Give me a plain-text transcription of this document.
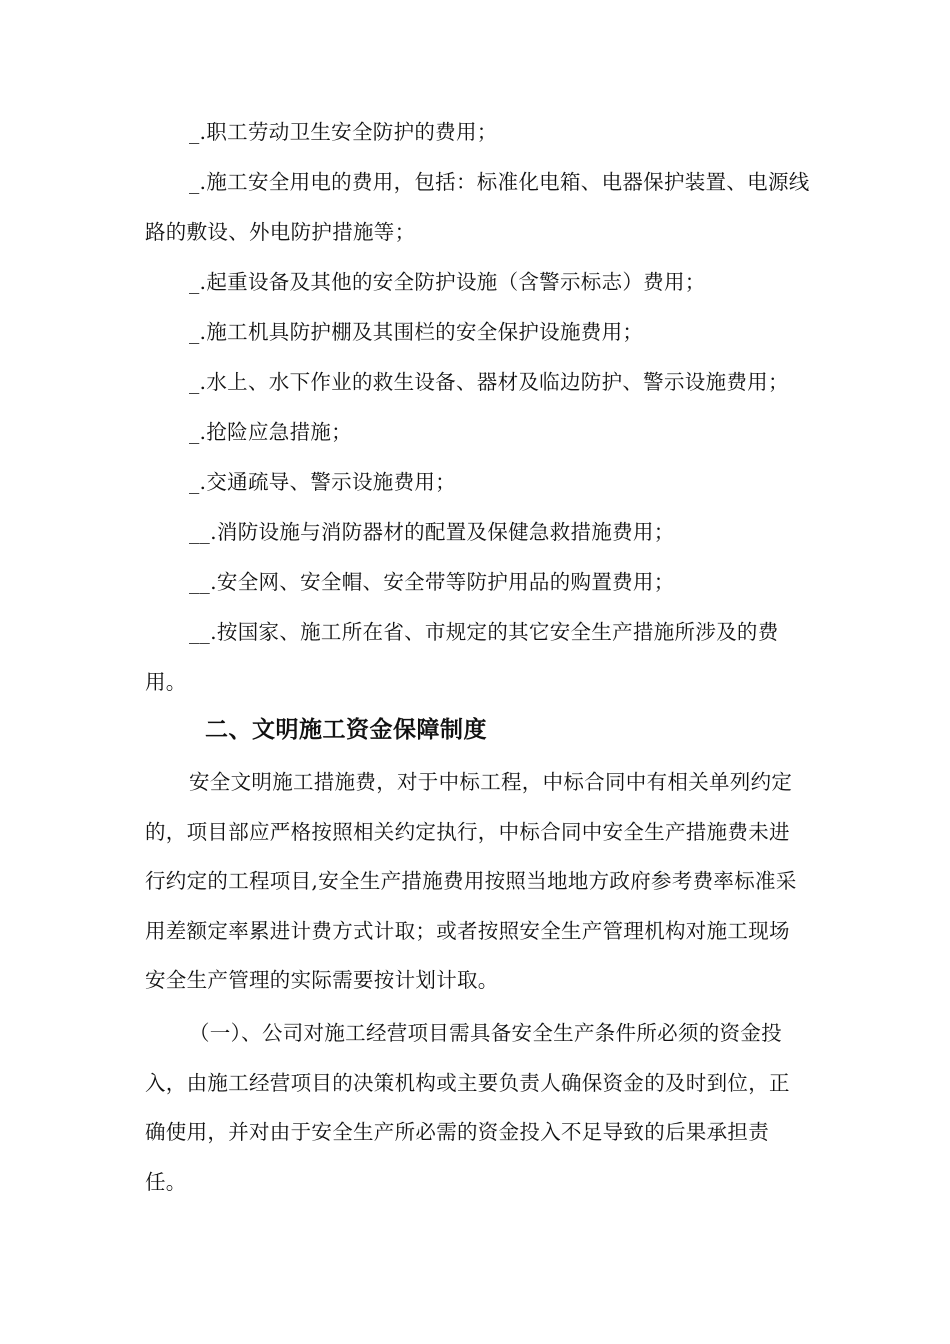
_.职工劳动卫生安全防护的费用；

_.施工安全用电的费用，包括：标准化电箱、电器保护装置、电源线路的敷设、外电防护措施等；

_.起重设备及其他的安全防护设施（含警示标志）费用；

_.施工机具防护棚及其围栏的安全保护设施费用；

_.水上、水下作业的救生设备、器材及临边防护、警示设施费用；

_.抢险应急措施；

_.交通疏导、警示设施费用；

__.消防设施与消防器材的配置及保健急救措施费用；

__.安全网、安全帽、安全带等防护用品的购置费用；

__.按国家、施工所在省、市规定的其它安全生产措施所涉及的费用。

二、文明施工资金保障制度

安全文明施工措施费，对于中标工程，中标合同中有相关单列约定的，项目部应严格按照相关约定执行，中标合同中安全生产措施费未进行约定的工程项目,安全生产措施费用按照当地地方政府参考费率标准采用差额定率累进计费方式计取；或者按照安全生产管理机构对施工现场安全生产管理的实际需要按计划计取。

（一）、公司对施工经营项目需具备安全生产条件所必须的资金投入，由施工经营项目的决策机构或主要负责人确保资金的及时到位，正确使用，并对由于安全生产所必需的资金投入不足导致的后果承担责任。
